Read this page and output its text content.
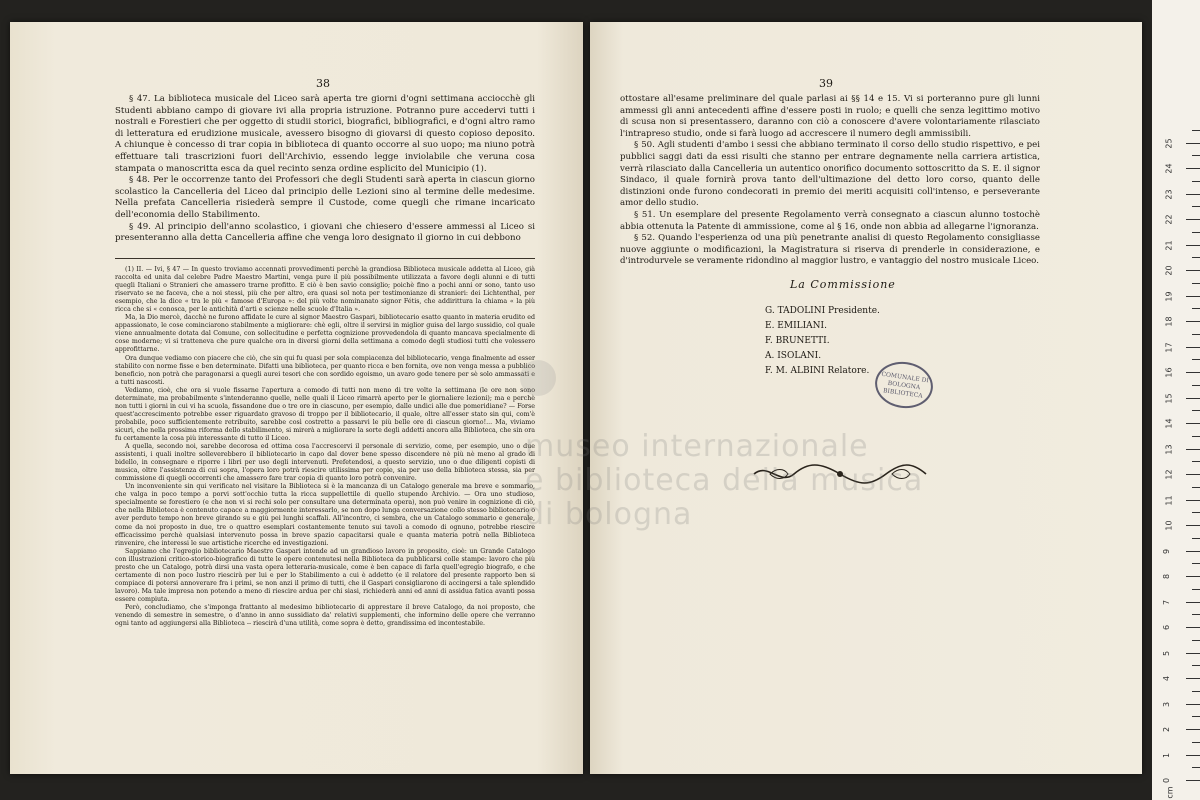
38

§ 47. La biblioteca musicale del Liceo sarà aperta tre giorni d'ogni settimana acciocchè gli Studenti abbiano campo di giovare ivi alla propria istruzione. Potranno pure accedervi tutti i nostrali e Forestieri che per oggetto di studii storici, biografici, bibliografici, e d'ogni altro ramo di letteratura ed erudizione musicale, avessero bisogno di giovarsi di questo copioso deposito. A chiunque è concesso di trar copia in biblioteca di quanto occorre al suo uopo; ma niuno potrà effettuare tali trascrizioni fuori dell'Archivio, essendo legge inviolabile che veruna cosa stampata o manoscritta esca da quel recinto senza ordine esplicito del Municipio (1).

§ 48. Per le occorrenze tanto dei Professori che degli Studenti sarà aperta in ciascun giorno scolastico la Cancelleria del Liceo dal principio delle Lezioni sino al termine delle medesime. Nella prefata Cancelleria risiederà sempre il Custode, come quegli che rimane incaricato dell'economia dello Stabilimento.

§ 49. Al principio dell'anno scolastico, i giovani che chiesero d'essere ammessi al Liceo si presenteranno alla detta Cancelleria affine che venga loro designato il giorno in cui debbono

(1) II. — Ivi, § 47 — In questo troviamo accennati provvedimenti perchè la grandiosa Biblioteca musicale addetta al Liceo, già raccolta ed unita dal celebre Padre Maestro Martini, venga pure il più possibilmente utilizzata a favore degli alunni e di tutti quegli Italiani o Stranieri che amassero trarne profitto. E ciò è ben savio consiglio; poichè fino a pochi anni or sono, tanto uso riservato se ne faceva, che a noi stessi, più che per altro, era quasi sol nota per testimonianze di stranieri: dei Lichtenthal, per esempio, che la dice « tra le più « famose d'Europa »: del più volte nominanato signor Fétis, che addirittura la chiama « la più ricca che si « conosca, per le antichità d'arti e scienze nelle scuole d'Italia ».

Ma, la Dio mercè, dacchè ne furono affidate le cure al signor Maestro Gaspari, bibliotecario esatto quanto in materia erudito ed appassionato, le cose cominciarono stabilmente a migliorare: chè egli, oltre il servirsi in miglior guisa del largo sussidio, col quale viene annualmente dotata dal Comune, con sollecitudine e perfetta cognizione provvedendola di quanto mancava specialmente di cose moderne; vi si tratteneva che pure qualche ora in diversi giorni della settimana a comodo degli studiosi tutti che volessero approfittarne.

Ora dunque vediamo con piacere che ciò, che sin qui fu quasi per sola compiacenza del bibliotecario, venga finalmente ad esser stabilito con norme fisse e ben determinate. Difatti una biblioteca, per quanto ricca e ben fornita, ove non venga messa a pubblico beneficio, non potrà che paragonarsi a quegli aurei tesori che con sordido egoismo, un avaro gode tenere per sè solo ammassati e a tutti nascosti.

Vediamo, cioè, che ora si vuole fissarne l'apertura a comodo di tutti non meno di tre volte la settimana (le ore non sono determinate, ma probabilmente s'intenderanno quelle, nelle quali il Liceo rimarrà aperto per le giornaliere lezioni); ma e perchè non tutti i giorni in cui vi ha scuola, fissandone due o tre ore in ciascuno, per esempio, dalle undici alle due pomeridiane? — Forse quest'accrescimento potrebbe esser riguardato gravoso di troppo per il bibliotecario, il quale, oltre all'esser stato sin qui, com'è probabile, poco sufficientemente retribuito, sarebbe così costretto a passarvi le più belle ore di ciascun giorno!... Ma, viviamo sicuri, che nella prossima riforma dello stabilimento, si mirerà a migliorare la sorte degli addetti ancora alla Biblioteca, che sin ora fu certamente la cosa più interessante di tutto il Liceo.

A quella, secondo noi, sarebbe decorosa ed ottima cosa l'accrescervi il personale di servizio, come, per esempio, uno o due assistenti, i quali inoltre solleverebbero il bibliotecario in capo dal dover bene spesso discendere nè più nè meno al grado di bidello, in consegnare e riporre i libri per uso degli intervenuti. Prefetendosi, a questo servizio, uno o due diligenti copisti di musica, oltre l'assistenza di cui sopra, l'opera loro potrà riescire utilissima per copie, sia per uso della biblioteca stessa, sia per commissione di quegli occorrenti che amassero fare trar copia di quanto loro potrà convenire.

Un inconveniente sin qui verificato nel visitare la Biblioteca si è la mancanza di un Catalogo generale ma breve e sommario, che valga in poco tempo a porvi sott'occhio tutta la ricca suppellettile di quello stupendo Archivio. — Ora uno studioso, specialmente se forestiero (e che non vi si rechi solo per consultare una determinata opera), non può venire in cognizione di ciò, che nella Biblioteca è contenuto capace a maggiormente interessarlo, se non dopo lunga conversazione collo stesso bibliotecario o aver perduto tempo non breve girando su e giù pei lunghi scaffali. All'incontro, ci sembra, che un Catalogo sommario e generale, come da noi proposto in due, tre o quattro esemplari costantemente tenuto sui tavoli a comodo di ognuno, potrebbe riescire efficacissimo perchè qualsiasi intervenuto possa in breve spazio capacitarsi quale e quanta materia potrà nella Biblioteca rinvenire, che interessi le sue artistiche ricerche ed investigazioni.

Sappiamo che l'egregio bibliotecario Maestro Gaspari intende ad un grandioso lavoro in proposito, cioè: un Grande Catalogo con illustrazioni critico-storico-biografico di tutte le opere contenutesi nella Biblioteca da pubblicarsi colle stampe: lavoro che più presto che un Catalogo, potrà dirsi una vasta opera letteraria-musicale, come è ben capace di farla quell'egregio biografo, e che certamente di non poco lustro riescirà per lui e per lo Stabilimento a cui è addetto (e il relatore del presente rapporto ben si compiace di potersi annoverare fra i primi, se non anzi il primo di tutti, che il Gaspari consigliarono di accingersi a tale splendido lavoro). Ma tale impresa non potendo a meno di riescire ardua per chi siasi, richiederà anni ed anni di assidua fatica avanti possa essere compiuta.

Però, concludiamo, che s'imponga frattanto al medesimo bibliotecario di apprestare il breve Catalogo, da noi proposto, che venendo di semestre in semestre, o d'anno in anno sussidiato da' relativi supplementi, che informino delle opere che verranno ogni tanto ad aggiungersi alla Biblioteca -- riescirà d'una utilità, come sopra è detto, grandissima ed incontestabile.

39

ottostare all'esame preliminare del quale parlasi ai §§ 14 e 15. Vi si porteranno pure gli lunni ammessi gli anni antecedenti affine d'essere posti in ruolo; e quelli che senza legittimo motivo di scusa non si presentassero, daranno con ciò a conoscere d'avere volontariamente rilasciato l'intrapreso studio, onde si farà luogo ad accrescere il numero degli ammissibili.

§ 50. Agli studenti d'ambo i sessi che abbiano terminato il corso dello studio rispettivo, e pei pubblici saggi dati da essi risulti che stanno per entrare degnamente nella carriera artistica, verrà rilasciato dalla Cancelleria un autentico onorifico documento sottoscritto da S. E. il signor Sindaco, il quale fornirà prova tanto dell'ultimazione del detto loro corso, quanto delle distinzioni onde furono condecorati in premio dei meriti acquisiti coll'intenso, e perseverante amor dello studio.

§ 51. Un esemplare del presente Regolamento verrà consegnato a ciascun alunno tostochè abbia ottenuta la Patente di ammissione, come al § 16, onde non abbia ad allegarne l'ignoranza.

§ 52. Quando l'esperienza od una più penetrante analisi di questo Regolamento consigliasse nuove aggiunte o modificazioni, la Magistratura si riserva di prenderle in considerazione, e d'introdurvele se veramente ridondino al maggior lustro, e vantaggio del nostro musicale Liceo.

La Commissione
G. TADOLINI Presidente.
E. EMILIANI.
F. BRUNETTI.
A. ISOLANI.
F. M. ALBINI Relatore.	COMUNALE DI BOLOGNA BIBLIOTECA
museo internazionale
e biblioteca della musica
di bologna
0
1
2
3
4
5
6
7
8
9
10
11
12
13
14
15
16
17
18
19
20
21
22
23
24
25
cm
